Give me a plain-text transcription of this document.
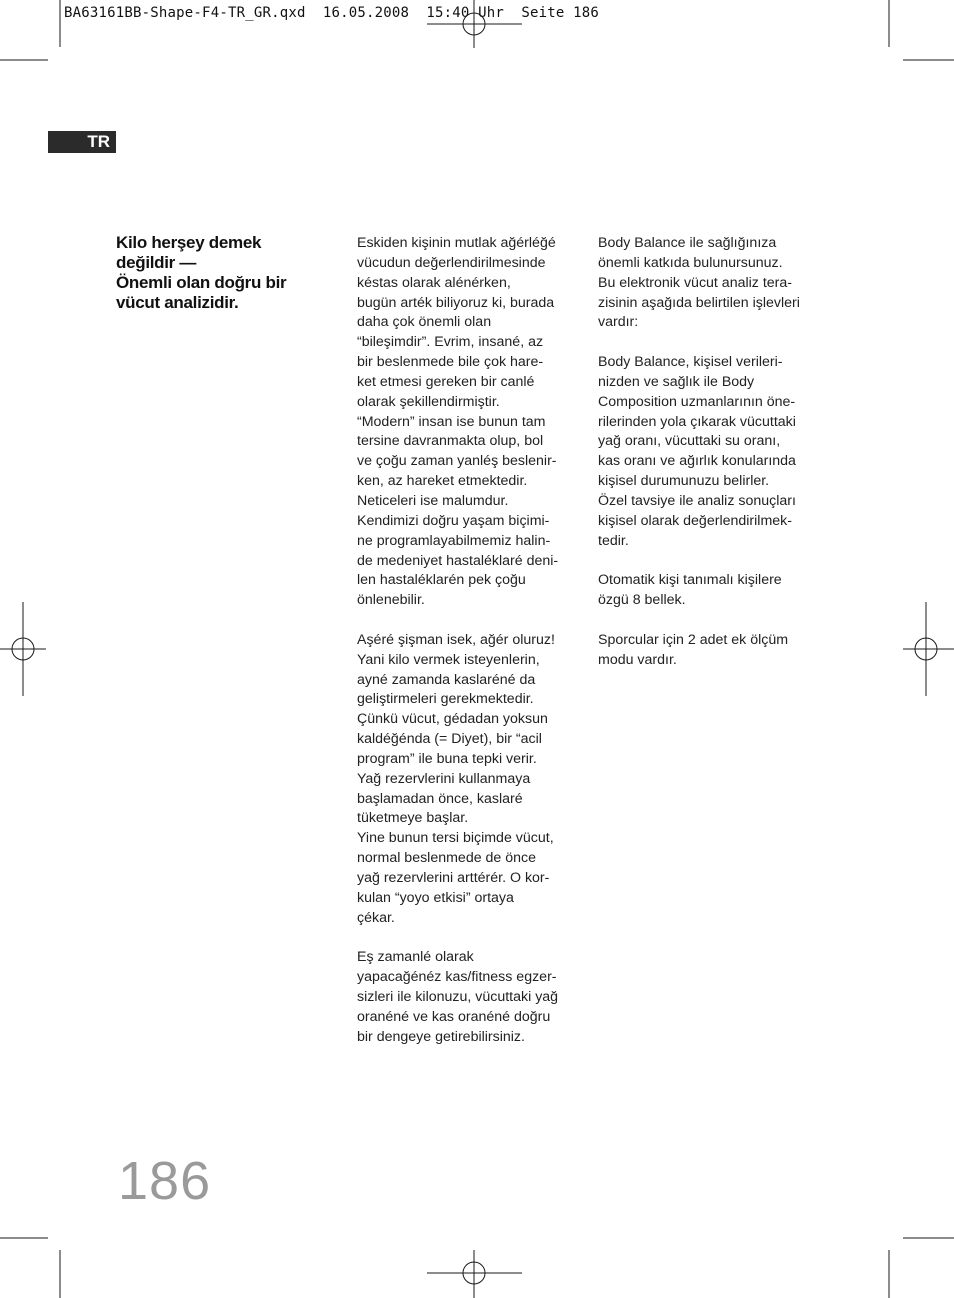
BA63161BB-Shape-F4-TR_GR.qxd  16.05.2008  15:40 Uhr  Seite 186
TR
Kilo herşey demek
değildir —
Önemli olan doğru bir
vücut analizidir.
Eskiden kişinin mutlak ağérléğé
vücudun değerlendirilmesinde
késtas olarak alénérken,
bugün arték biliyoruz ki, burada
daha çok önemli olan
“bileşimdir”. Evrim, insané, az
bir beslenmede bile çok hare-
ket etmesi gereken bir canlé
olarak şekillendirmiştir.
“Modern” insan ise bunun tam
tersine davranmakta olup, bol
ve çoğu zaman yanléş beslenir-
ken, az hareket etmektedir.
Neticeleri ise malumdur.
Kendimizi doğru yaşam biçimi-
ne programlayabilmemiz halin-
de medeniyet hastaléklaré deni-
len hastaléklarén pek çoğu
önlenebilir.
Aşéré şişman isek, ağér oluruz!
Yani kilo vermek isteyenlerin,
ayné zamanda kaslaréné da
geliştirmeleri gerekmektedir.
Çünkü vücut, gédadan yoksun
kaldéğénda (= Diyet), bir “acil
program” ile buna tepki verir.
Yağ rezervlerini kullanmaya
başlamadan önce, kaslaré
tüketmeye başlar.
Yine bunun tersi biçimde vücut,
normal beslenmede de önce
yağ rezervlerini arttérér. O kor-
kulan “yoyo etkisi” ortaya
çékar.
Eş zamanlé olarak
yapacağénéz kas/fitness egzer-
sizleri ile kilonuzu, vücuttaki yağ
oranéné ve kas oranéné doğru
bir dengeye getirebilirsiniz.
Body Balance ile sağlığınıza
önemli katkıda bulunursunuz.
Bu elektronik vücut analiz tera-
zisinin aşağıda belirtilen işlevleri
vardır:
Body Balance, kişisel verileri-
nizden ve sağlık ile Body
Composition uzmanlarının öne-
rilerinden yola çıkarak vücuttaki
yağ oranı, vücuttaki su oranı,
kas oranı ve ağırlık konularında
kişisel durumunuzu belirler.
Özel tavsiye ile analiz sonuçları
kişisel olarak değerlendirilmek-
tedir.
Otomatik kişi tanımalı kişilere
özgü 8 bellek.
Sporcular için 2 adet ek ölçüm
modu vardır.
186
